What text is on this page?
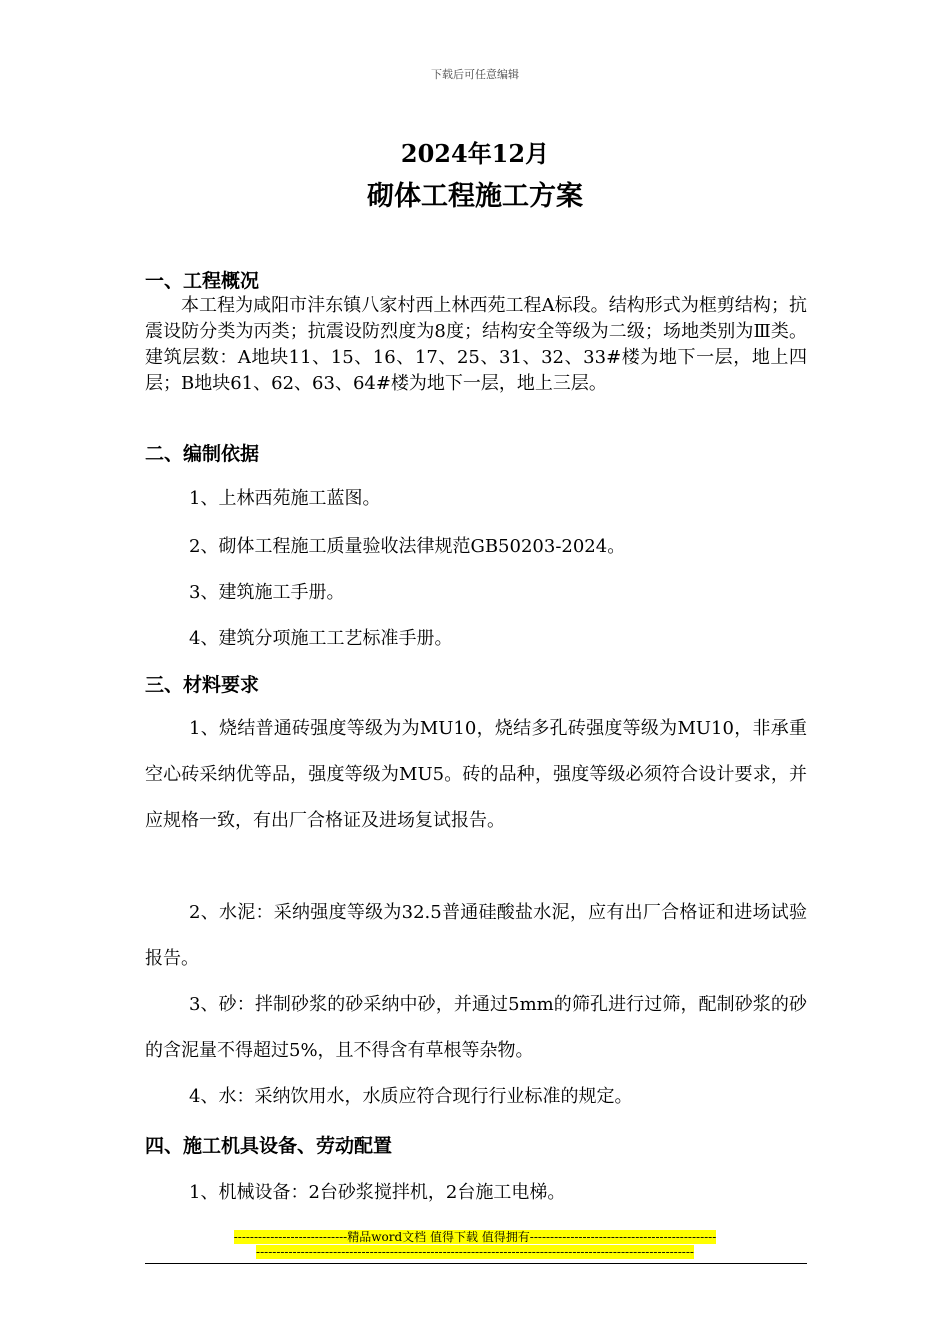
下载后可任意编辑
2024年12月
砌体工程施工方案
一、工程概况
本工程为咸阳市沣东镇八家村西上林西苑工程A标段。结构形式为框剪结构；抗震设防分类为丙类；抗震设防烈度为8度；结构安全等级为二级；场地类别为Ⅲ类。建筑层数：A地块11、15、16、17、25、31、32、33#楼为地下一层，地上四层；B地块61、62、63、64#楼为地下一层，地上三层。
二、编制依据
1、上林西苑施工蓝图。
2、砌体工程施工质量验收法律规范GB50203-2024。
3、建筑施工手册。
4、建筑分项施工工艺标准手册。
三、材料要求
1、烧结普通砖强度等级为为MU10，烧结多孔砖强度等级为MU10，非承重空心砖采纳优等品，强度等级为MU5。砖的品种，强度等级必须符合设计要求，并应规格一致，有出厂合格证及进场复试报告。
2、水泥：采纳强度等级为32.5普通硅酸盐水泥，应有出厂合格证和进场试验报告。
3、砂：拌制砂浆的砂采纳中砂，并通过5mm的筛孔进行过筛，配制砂浆的砂的含泥量不得超过5%，且不得含有草根等杂物。
4、水：采纳饮用水，水质应符合现行行业标准的规定。
四、施工机具设备、劳动配置
1、机械设备：2台砂浆搅拌机，2台施工电梯。
----------------------------精品word文档 值得下载 值得拥有----------------------------------------------
------------------------------------------------------------------------------------------------------------
